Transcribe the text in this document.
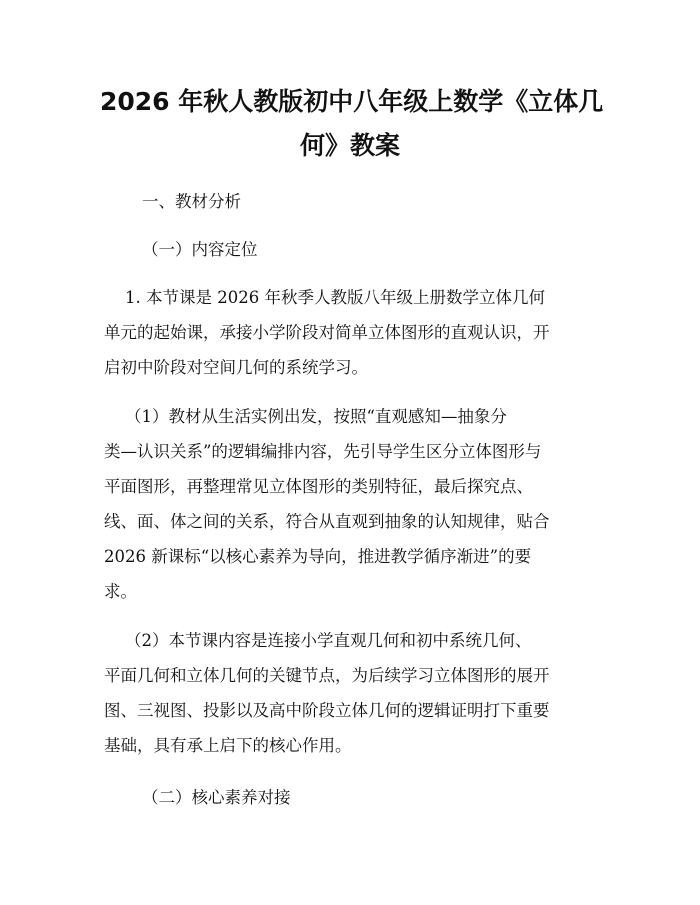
2026 年秋人教版初中八年级上数学《立体几
何》教案

一、教材分析

（一）内容定位

1. 本节课是 2026 年秋季人教版八年级上册数学立体几何
单元的起始课，承接小学阶段对简单立体图形的直观认识，开
启初中阶段对空间几何的系统学习。
（1）教材从生活实例出发，按照“直观感知—抽象分
类—认识关系”的逻辑编排内容，先引导学生区分立体图形与
平面图形，再整理常见立体图形的类别特征，最后探究点、
线、面、体之间的关系，符合从直观到抽象的认知规律，贴合
2026 新课标“以核心素养为导向，推进教学循序渐进”的要
求。
（2）本节课内容是连接小学直观几何和初中系统几何、
平面几何和立体几何的关键节点，为后续学习立体图形的展开
图、三视图、投影以及高中阶段立体几何的逻辑证明打下重要
基础，具有承上启下的核心作用。

（二）核心素养对接
